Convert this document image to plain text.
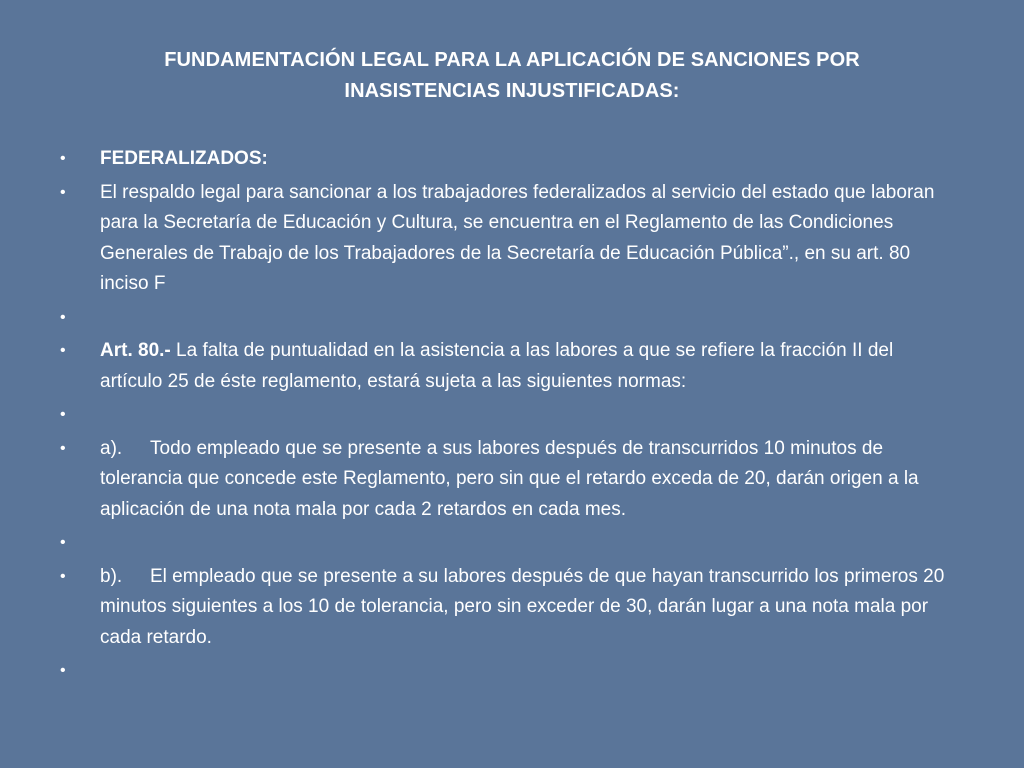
FUNDAMENTACIÓN LEGAL PARA LA APLICACIÓN DE SANCIONES POR
INASISTENCIAS INJUSTIFICADAS:
•	FEDERALIZADOS:
•	El respaldo legal para sancionar a los trabajadores federalizados al servicio del estado que laboran para la Secretaría de Educación y Cultura, se encuentra en el Reglamento de las Condiciones Generales de Trabajo de los Trabajadores de la Secretaría de Educación Pública”., en su art. 80 inciso F
•

•	Art. 80.- La falta de puntualidad en la asistencia a las labores a que se refiere la fracción II del artículo 25 de éste reglamento, estará sujeta a las siguientes normas:
•

•	a). Todo empleado que se presente a sus labores después de transcurridos 10 minutos de tolerancia que concede este Reglamento, pero sin que el retardo exceda de 20, darán origen a la aplicación de una nota mala por cada 2 retardos en cada mes.
•

•	b). El empleado que se presente a su labores después de que hayan transcurrido los primeros 20 minutos siguientes a los 10 de tolerancia, pero sin exceder de 30, darán lugar a una nota mala por cada retardo.
•
